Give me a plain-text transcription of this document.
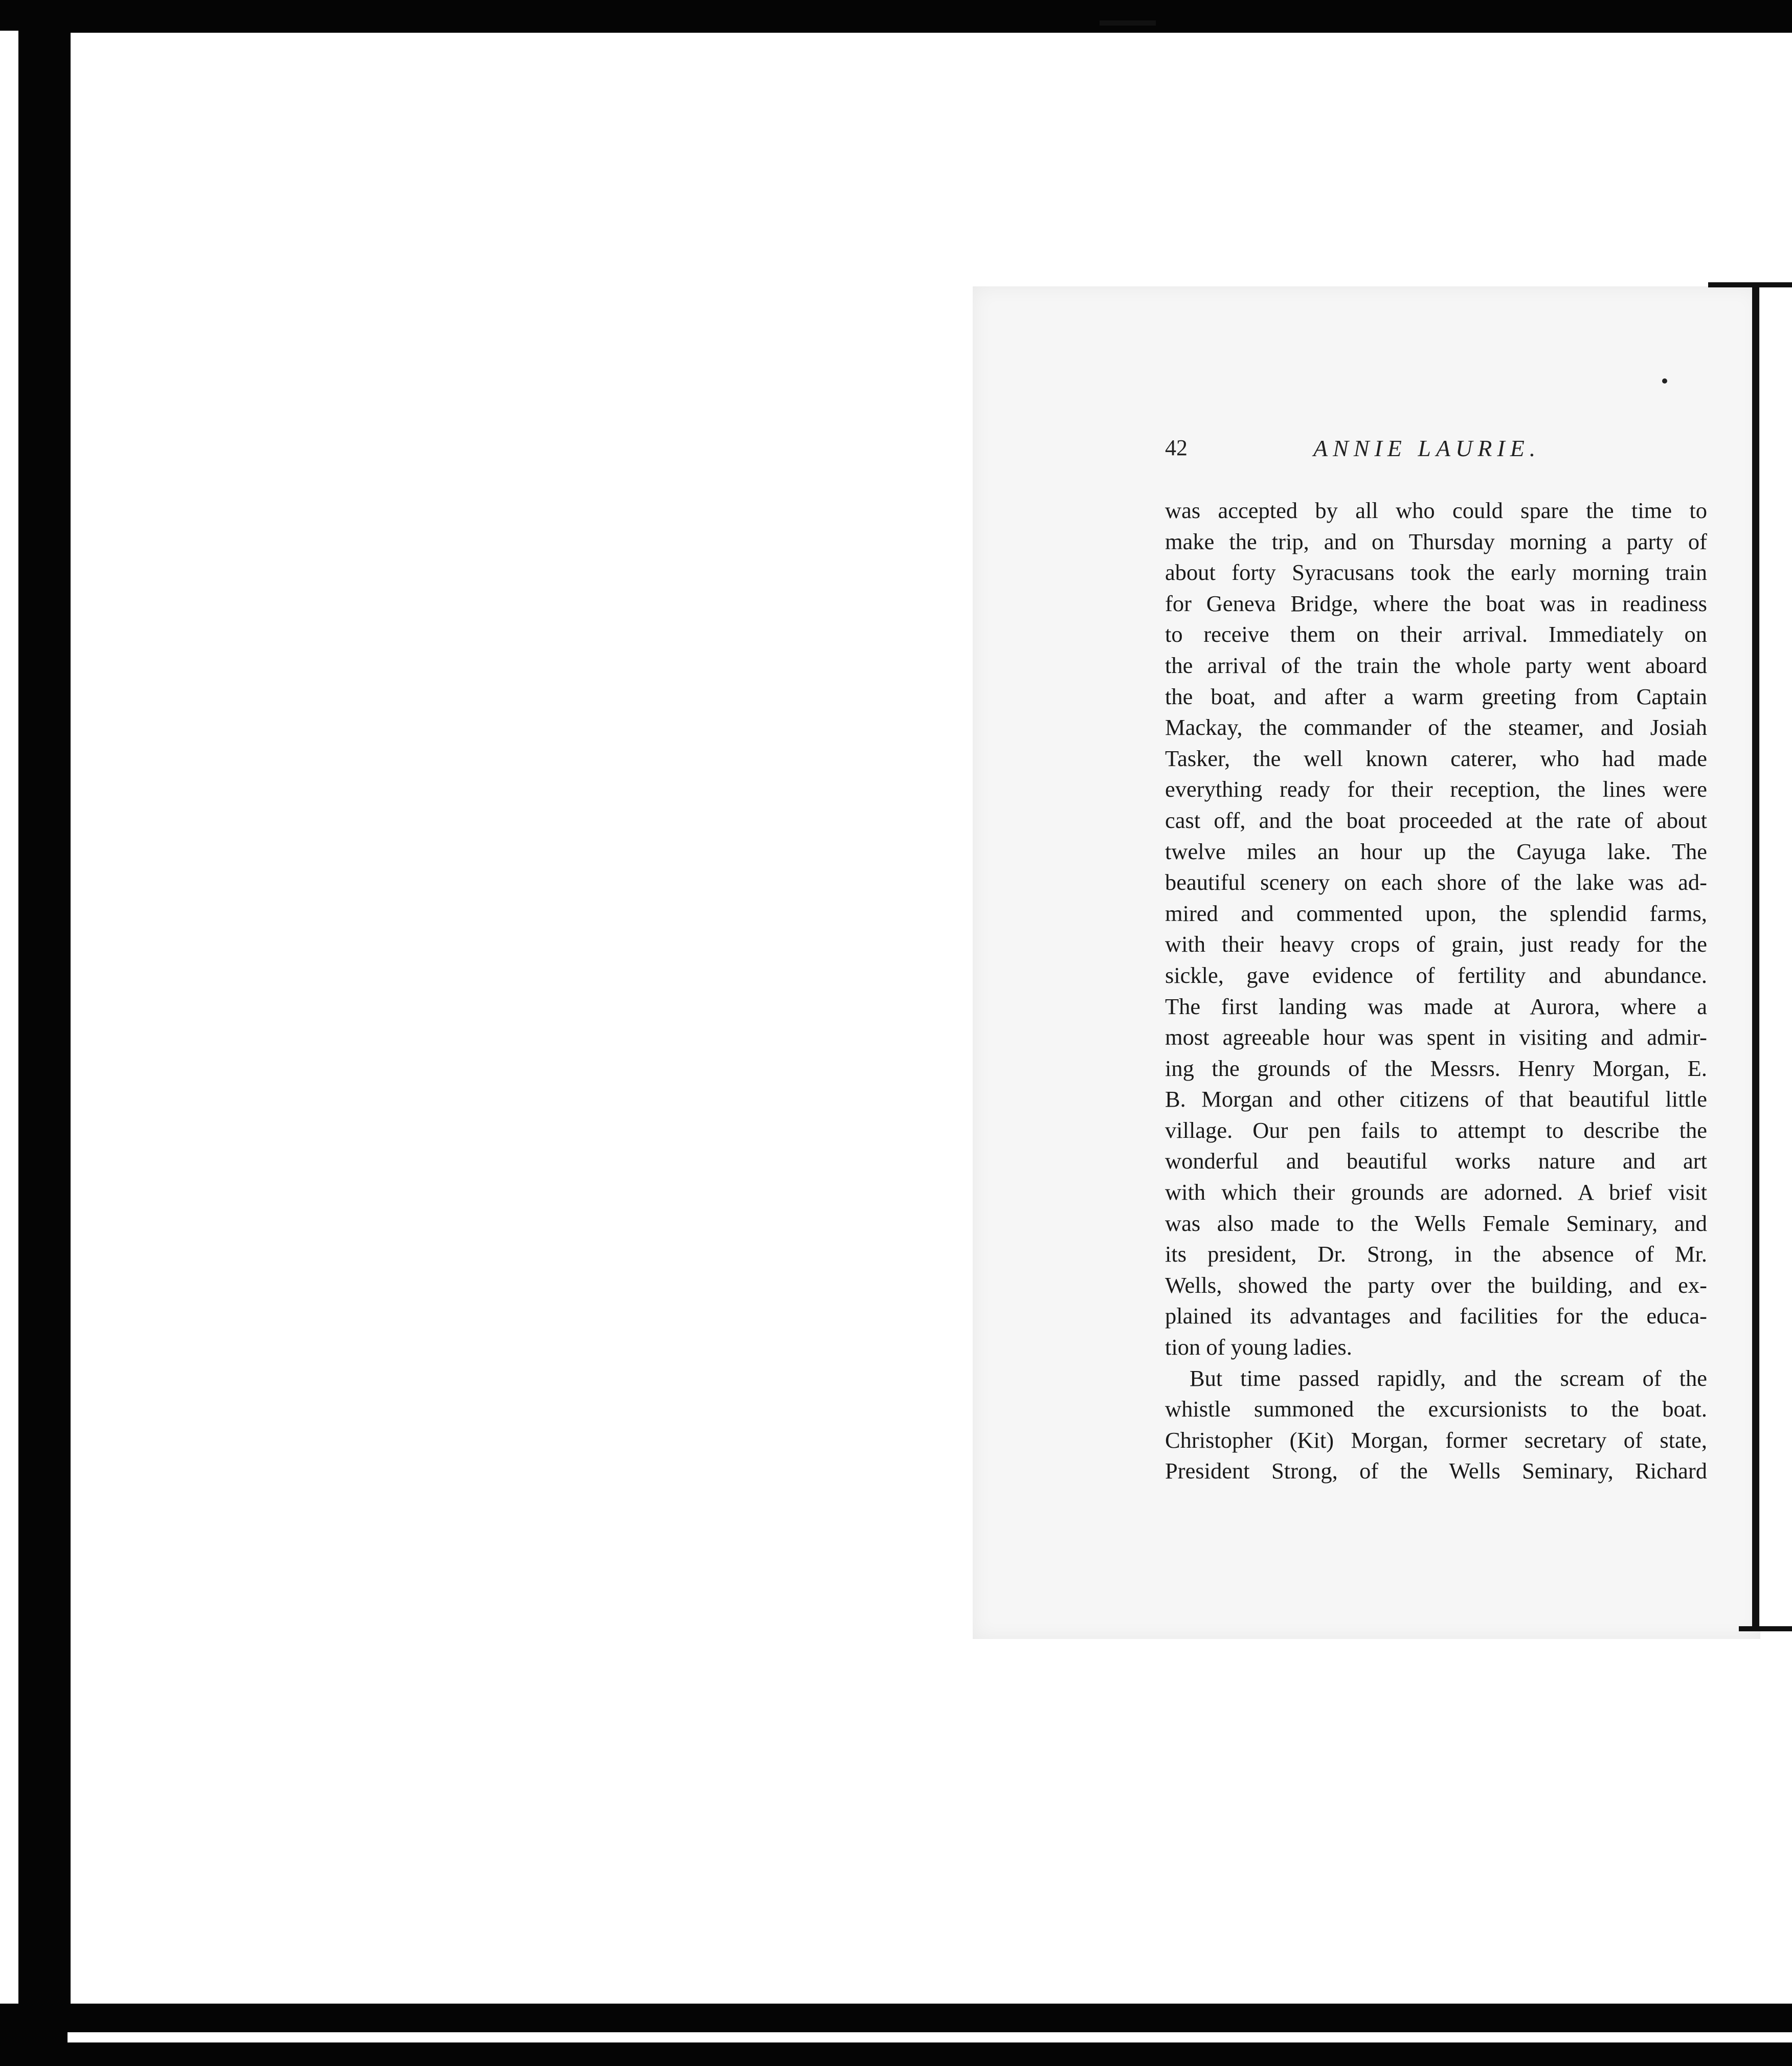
42	ANNIE LAURIE.
was accepted by all who could spare the time to
make the trip, and on Thursday morning a party of
about forty Syracusans took the early morning train
for Geneva Bridge, where the boat was in readiness
to receive them on their arrival. Immediately on
the arrival of the train the whole party went aboard
the boat, and after a warm greeting from Captain
Mackay, the commander of the steamer, and Josiah
Tasker, the well known caterer, who had made
everything ready for their reception, the lines were
cast off, and the boat proceeded at the rate of about
twelve miles an hour up the Cayuga lake. The
beautiful scenery on each shore of the lake was ad-
mired and commented upon, the splendid farms,
with their heavy crops of grain, just ready for the
sickle, gave evidence of fertility and abundance.
The first landing was made at Aurora, where a
most agreeable hour was spent in visiting and admir-
ing the grounds of the Messrs. Henry Morgan, E.
B. Morgan and other citizens of that beautiful little
village. Our pen fails to attempt to describe the
wonderful and beautiful works nature and art
with which their grounds are adorned. A brief visit
was also made to the Wells Female Seminary, and
its president, Dr. Strong, in the absence of Mr.
Wells, showed the party over the building, and ex-
plained its advantages and facilities for the educa-
tion of young ladies.
But time passed rapidly, and the scream of the
whistle summoned the excursionists to the boat.
Christopher (Kit) Morgan, former secretary of state,
President Strong, of the Wells Seminary, Richard
